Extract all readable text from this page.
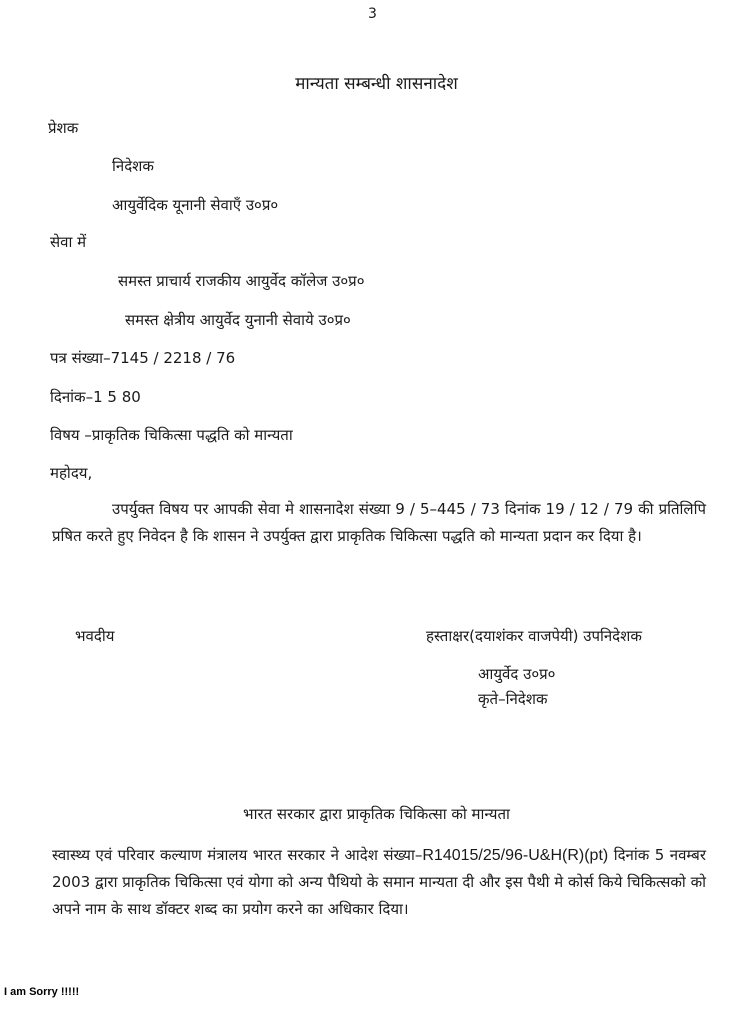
3
मान्यता सम्बन्धी शासनादेश
प्रेशक
निदेशक
आयुर्वेदिक यूनानी सेवाएँ उ०प्र०
सेवा में
समस्त प्राचार्य राजकीय आयुर्वेद कॉलेज उ०प्र०
समस्त क्षेत्रीय आयुर्वेद युनानी सेवाये उ०प्र०
पत्र संख्या–7145 / 2218 / 76
दिनांक–1 5 80
विषय –प्राकृतिक चिकित्सा पद्धति को मान्यता
महोदय,
उपर्युक्त विषय पर आपकी सेवा मे शासनादेश संख्या 9 / 5–445 / 73 दिनांक 19 / 12 / 79 की प्रतिलिपि प्रषित करते हुए निवेदन है कि शासन ने उपर्युक्त द्वारा प्राकृतिक चिकित्सा पद्धति को मान्यता प्रदान कर दिया है।
भवदीय	हस्ताक्षर(दयाशंकर वाजपेयी) उपनिदेशक
आयुर्वेद उ०प्र०
कृते–निदेशक
भारत सरकार द्वारा प्राकृतिक चिकित्सा को मान्यता
स्वास्थ्य एवं परिवार कल्याण मंत्रालय भारत सरकार ने आदेश संख्या–R14015/25/96-U&H(R)(pt) दिनांक 5 नवम्बर 2003 द्वारा प्राकृतिक चिकित्सा एवं योगा को अन्य पैथियो के समान मान्यता दी और इस पैथी मे कोर्स किये चिकित्सको को अपने नाम के साथ डॉक्टर शब्द का प्रयोग करने का अधिकार दिया।
I am Sorry !!!!!
